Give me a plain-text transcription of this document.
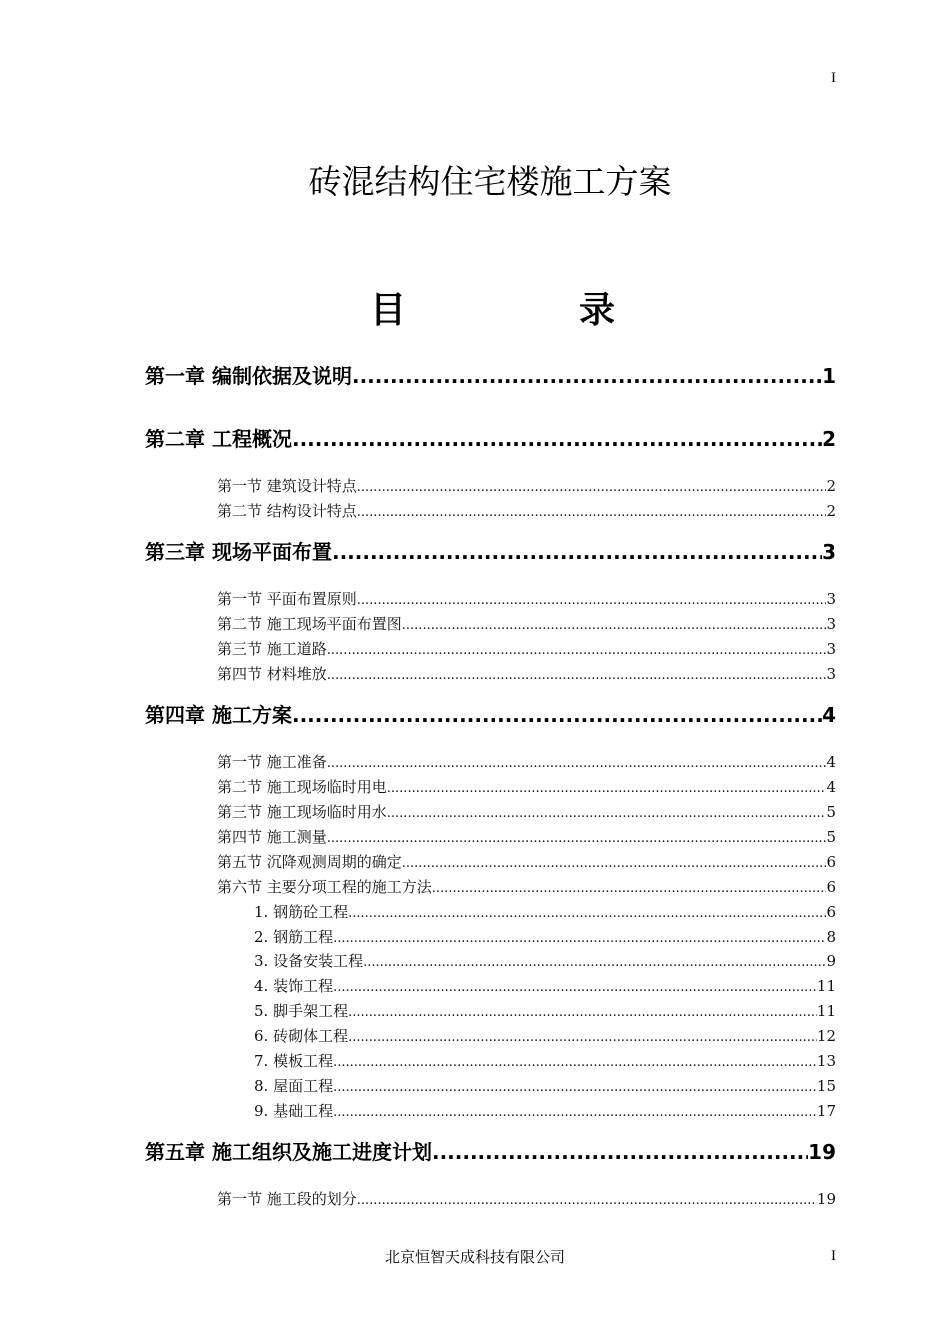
I
砖混结构住宅楼施工方案
目	录
第一章 编制依据及说明 .....	1
第二章 工程概况 .....	2
第一节 建筑设计特点 .....	2
第二节 结构设计特点 .....	2
第三章 现场平面布置 .....	3
第一节 平面布置原则 .....	3
第二节 施工现场平面布置图 .....	3
第三节 施工道路 .....	3
第四节 材料堆放 .....	3
第四章 施工方案 .....	4
第一节 施工准备 .....	4
第二节 施工现场临时用电 .....	4
第三节 施工现场临时用水 .....	5
第四节 施工测量 .....	5
第五节 沉降观测周期的确定 .....	6
第六节 主要分项工程的施工方法 .....	6
1. 钢筋砼工程 .....	6
2. 钢筋工程 .....	8
3. 设备安装工程 .....	9
4. 装饰工程 .....	11
5. 脚手架工程 .....	11
6. 砖砌体工程 .....	12
7. 模板工程 .....	13
8. 屋面工程 .....	15
9. 基础工程 .....	17
第五章 施工组织及施工进度计划 .....	19
第一节 施工段的划分 .....	19
北京恒智天成科技有限公司	I
